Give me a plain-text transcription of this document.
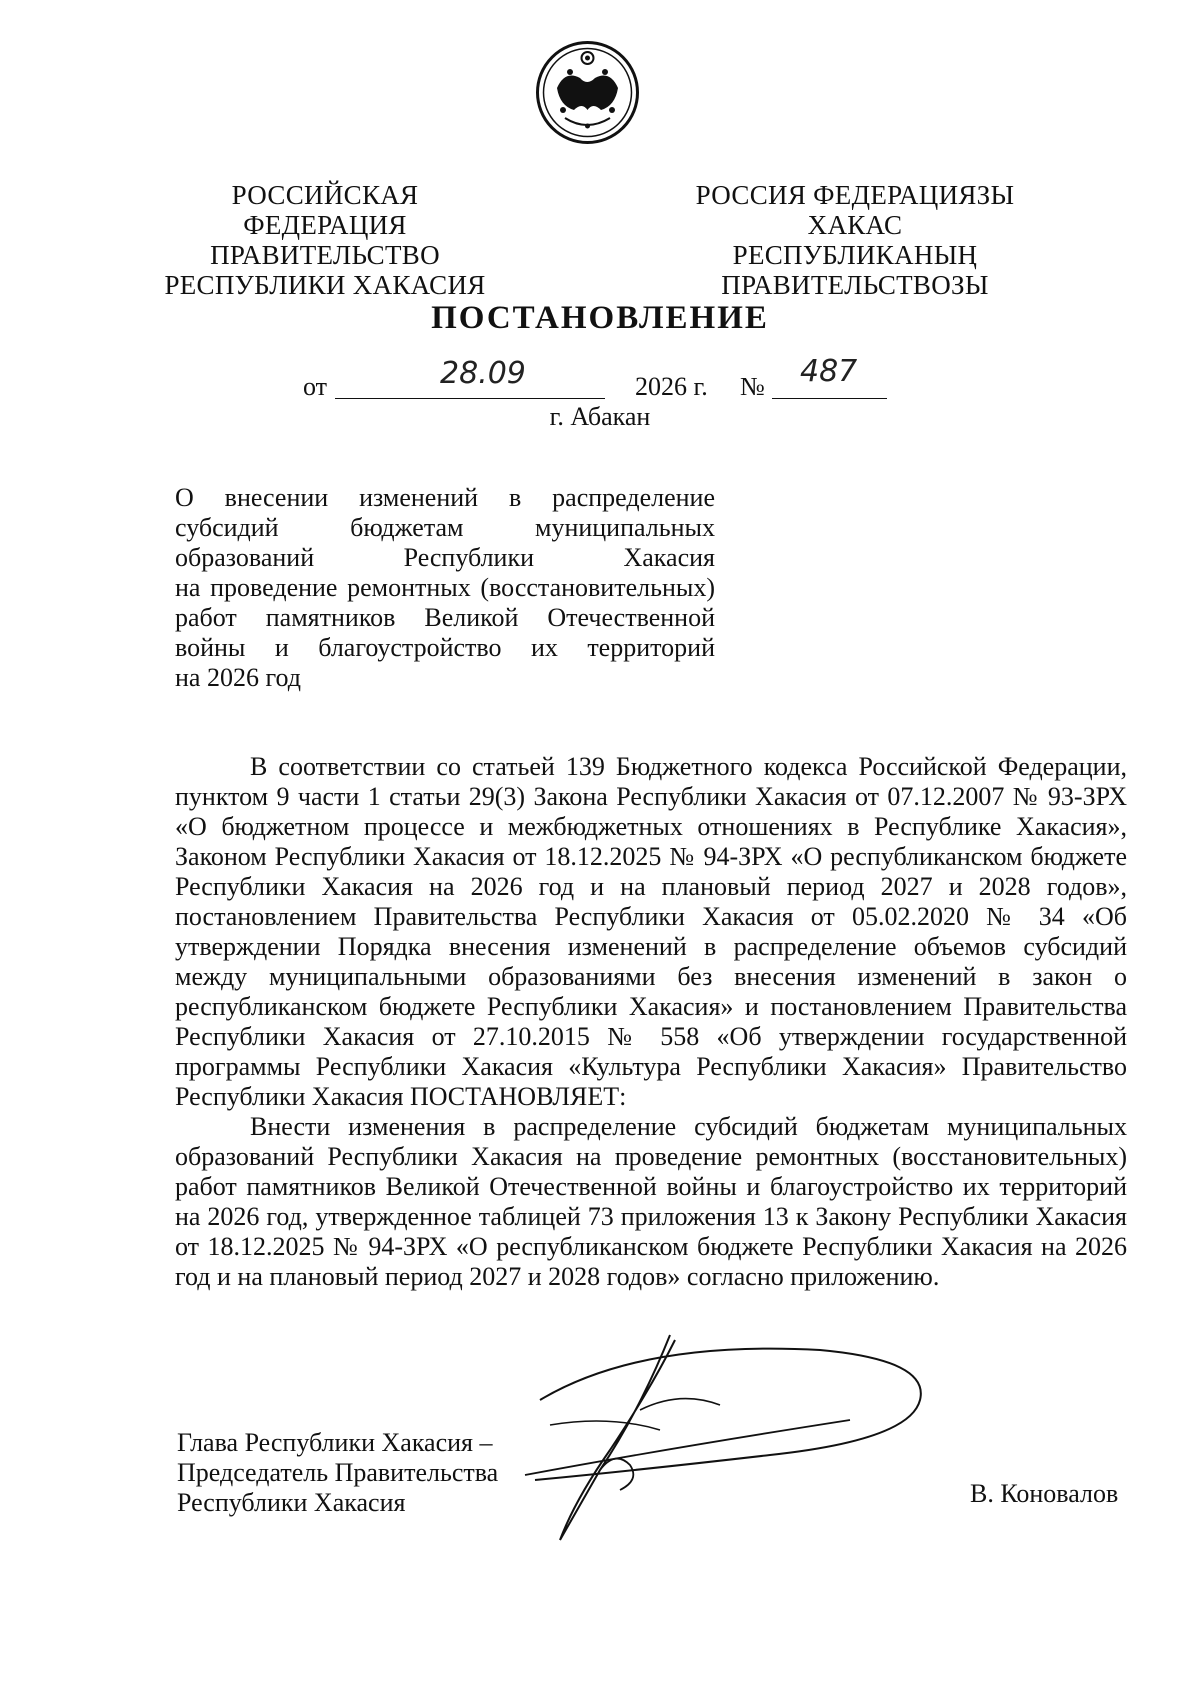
РОССИЙСКАЯ ФЕДЕРАЦИЯ
ПРАВИТЕЛЬСТВО
РЕСПУБЛИКИ ХАКАСИЯ
РОССИЯ ФЕДЕРАЦИЯЗЫ
ХАКАС РЕСПУБЛИКАНЫҢ
ПРАВИТЕЛЬСТВОЗЫ
ПОСТАНОВЛЕНИЕ
от	28.09	2026 г. № 487
г. Абакан
О внесении изменений в распределение
субсидий бюджетам муниципальных
образований Республики Хакасия
на проведение ремонтных (восстановительных)
работ памятников Великой Отечественной
войны и благоустройство их территорий
на 2026 год

В соответствии со статьей 139 Бюджетного кодекса Российской Федерации, пунктом 9 части 1 статьи 29(3) Закона Республики Хакасия от 07.12.2007 № 93-ЗРХ «О бюджетном процессе и межбюджетных отношениях в Республике Хакасия», Законом Республики Хакасия от 18.12.2025 № 94-ЗРХ «О республиканском бюджете Республики Хакасия на 2026 год и на плановый период 2027 и 2028 годов», постановлением Правительства Республики Хакасия от 05.02.2020 № 34 «Об утверждении Порядка внесения изменений в распределение объемов субсидий между муниципальными образованиями без внесения изменений в закон о республиканском бюджете Республики Хакасия» и постановлением Правительства Республики Хакасия от 27.10.2015 № 558 «Об утверждении государственной программы Республики Хакасия «Культура Республики Хакасия» Правительство Республики Хакасия ПОСТАНОВЛЯЕТ:

Внести изменения в распределение субсидий бюджетам муниципальных образований Республики Хакасия на проведение ремонтных (восстановительных) работ памятников Великой Отечественной войны и благоустройство их территорий на 2026 год, утвержденное таблицей 73 приложения 13 к Закону Республики Хакасия от 18.12.2025 № 94-ЗРХ «О республиканском бюджете Республики Хакасия на 2026 год и на плановый период 2027 и 2028 годов» согласно приложению.

Глава Республики Хакасия –
Председатель Правительства
Республики Хакасия	В. Коновалов
